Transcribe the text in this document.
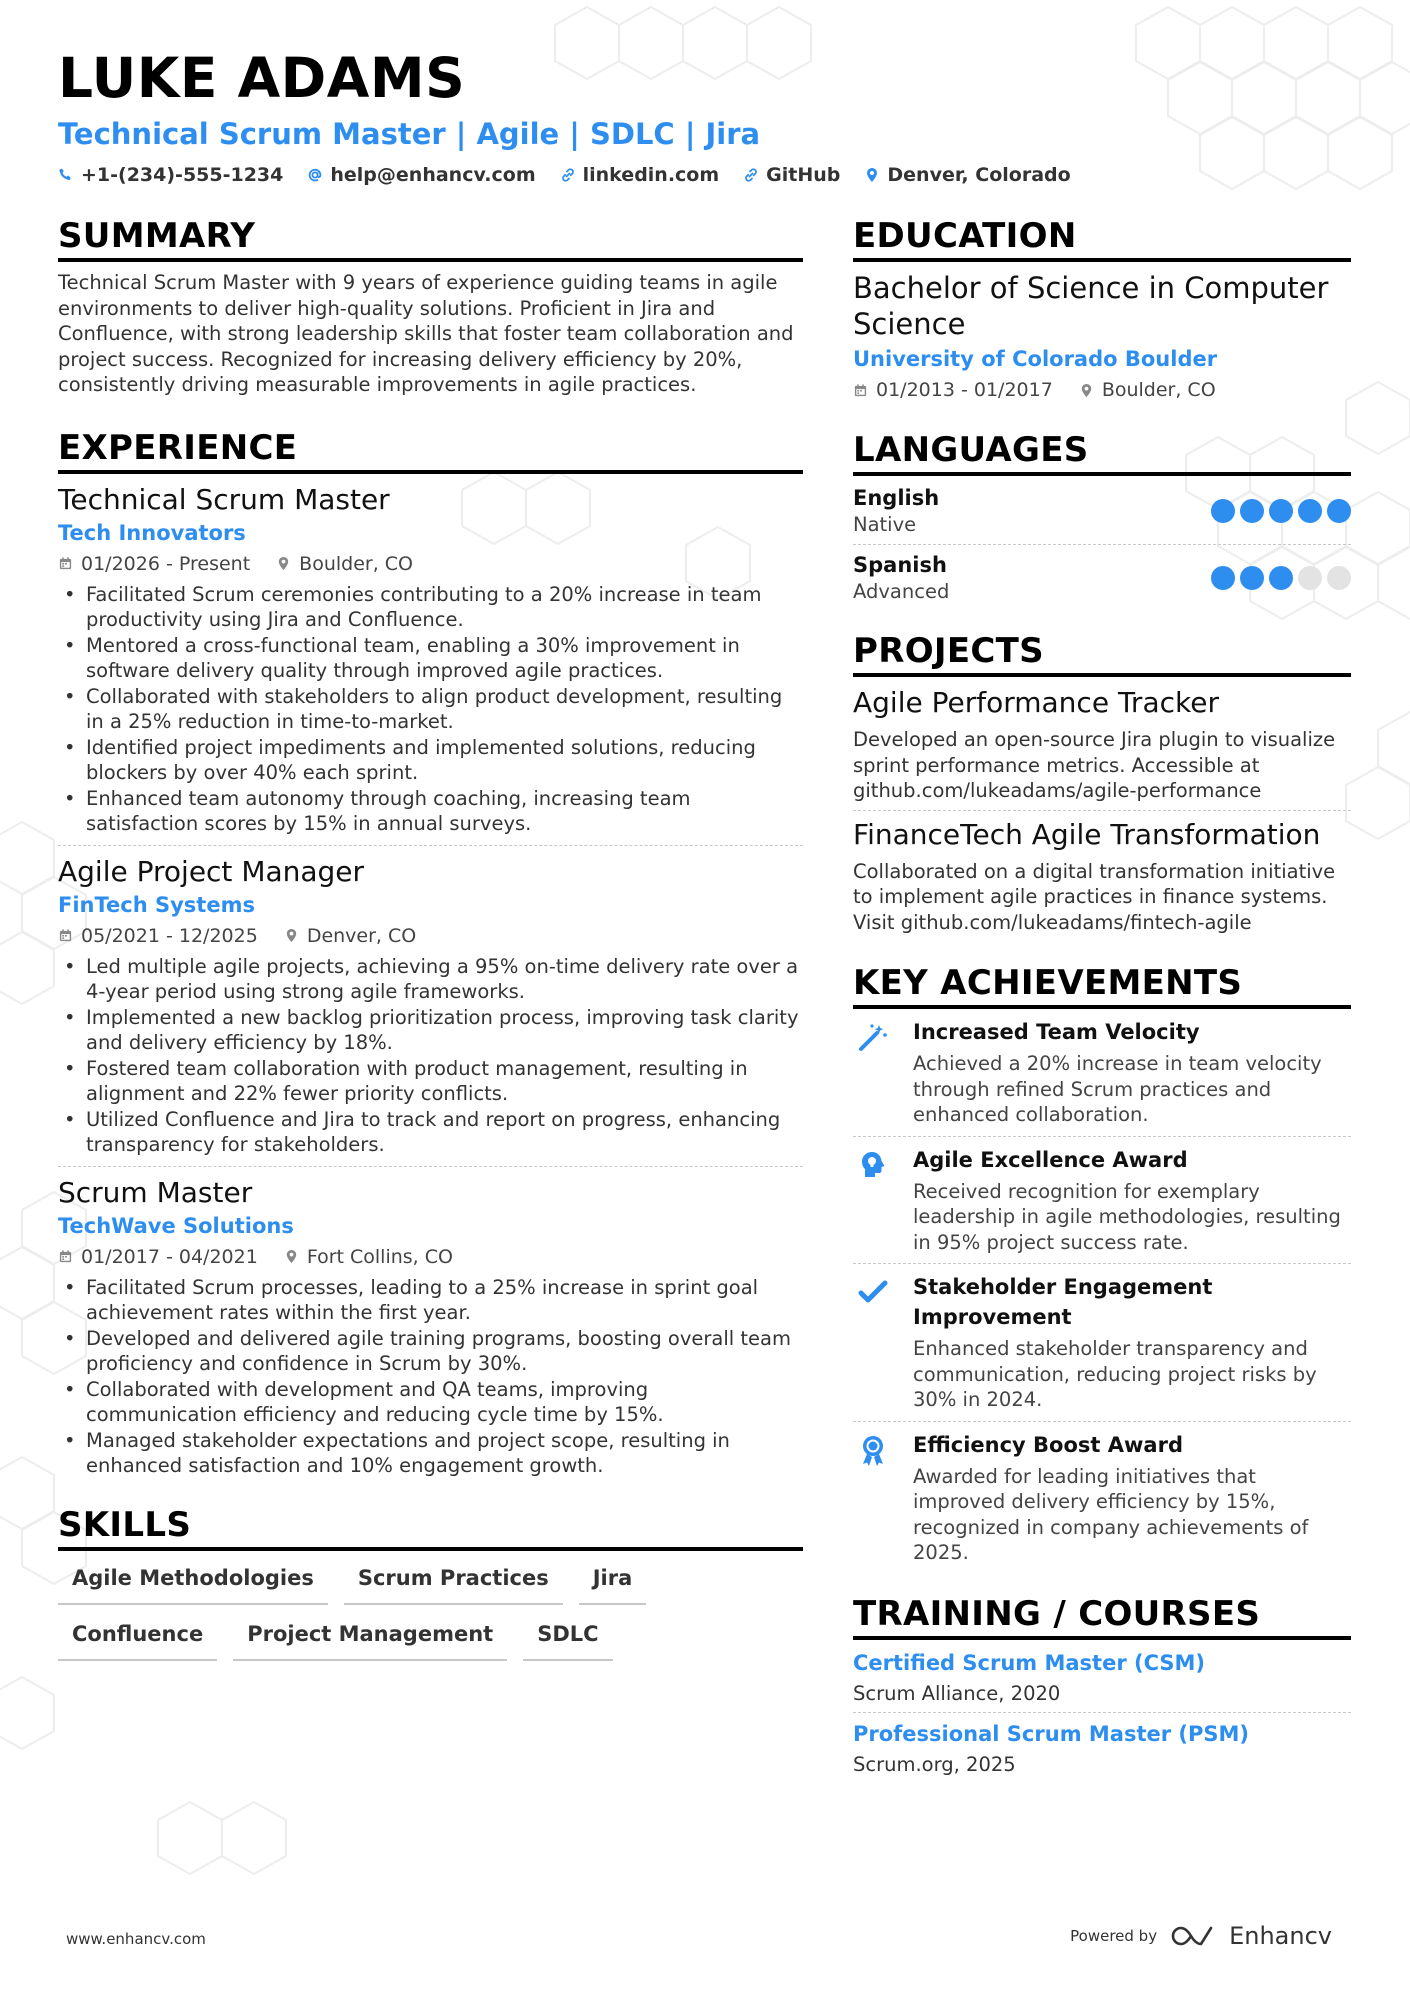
LUKE ADAMS
Technical Scrum Master | Agile | SDLC | Jira
+1-(234)-555-1234 help@enhancv.com linkedin.com GitHub Denver, Colorado
SUMMARY
Technical Scrum Master with 9 years of experience guiding teams in agile environments to deliver high-quality solutions. Proficient in Jira and Confluence, with strong leadership skills that foster team collaboration and project success. Recognized for increasing delivery efficiency by 20%, consistently driving measurable improvements in agile practices.
EXPERIENCE
Technical Scrum Master
Tech Innovators
01/2026 - Present	Boulder, CO
• Facilitated Scrum ceremonies contributing to a 20% increase in team productivity using Jira and Confluence.
• Mentored a cross-functional team, enabling a 30% improvement in software delivery quality through improved agile practices.
• Collaborated with stakeholders to align product development, resulting in a 25% reduction in time-to-market.
• Identified project impediments and implemented solutions, reducing blockers by over 40% each sprint.
• Enhanced team autonomy through coaching, increasing team satisfaction scores by 15% in annual surveys.
Agile Project Manager
FinTech Systems
05/2021 - 12/2025	Denver, CO
• Led multiple agile projects, achieving a 95% on-time delivery rate over a 4-year period using strong agile frameworks.
• Implemented a new backlog prioritization process, improving task clarity and delivery efficiency by 18%.
• Fostered team collaboration with product management, resulting in alignment and 22% fewer priority conflicts.
• Utilized Confluence and Jira to track and report on progress, enhancing transparency for stakeholders.
Scrum Master
TechWave Solutions
01/2017 - 04/2021	Fort Collins, CO
• Facilitated Scrum processes, leading to a 25% increase in sprint goal achievement rates within the first year.
• Developed and delivered agile training programs, boosting overall team proficiency and confidence in Scrum by 30%.
• Collaborated with development and QA teams, improving communication efficiency and reducing cycle time by 15%.
• Managed stakeholder expectations and project scope, resulting in enhanced satisfaction and 10% engagement growth.
SKILLS
Agile Methodologies	Scrum Practices	Jira
Confluence	Project Management	SDLC
EDUCATION
Bachelor of Science in Computer Science
University of Colorado Boulder
01/2013 - 01/2017	Boulder, CO
LANGUAGES
English
Native
Spanish
Advanced
PROJECTS
Agile Performance Tracker
Developed an open-source Jira plugin to visualize sprint performance metrics. Accessible at github.com/lukeadams/agile-performance
FinanceTech Agile Transformation
Collaborated on a digital transformation initiative to implement agile practices in finance systems. Visit github.com/lukeadams/fintech-agile
KEY ACHIEVEMENTS
Increased Team Velocity
Achieved a 20% increase in team velocity through refined Scrum practices and enhanced collaboration.
Agile Excellence Award
Received recognition for exemplary leadership in agile methodologies, resulting in 95% project success rate.
Stakeholder Engagement Improvement
Enhanced stakeholder transparency and communication, reducing project risks by 30% in 2024.
Efficiency Boost Award
Awarded for leading initiatives that improved delivery efficiency by 15%, recognized in company achievements of 2025.
TRAINING / COURSES
Certified Scrum Master (CSM)
Scrum Alliance, 2020
Professional Scrum Master (PSM)
Scrum.org, 2025
www.enhancv.com	Powered by	Enhancv
